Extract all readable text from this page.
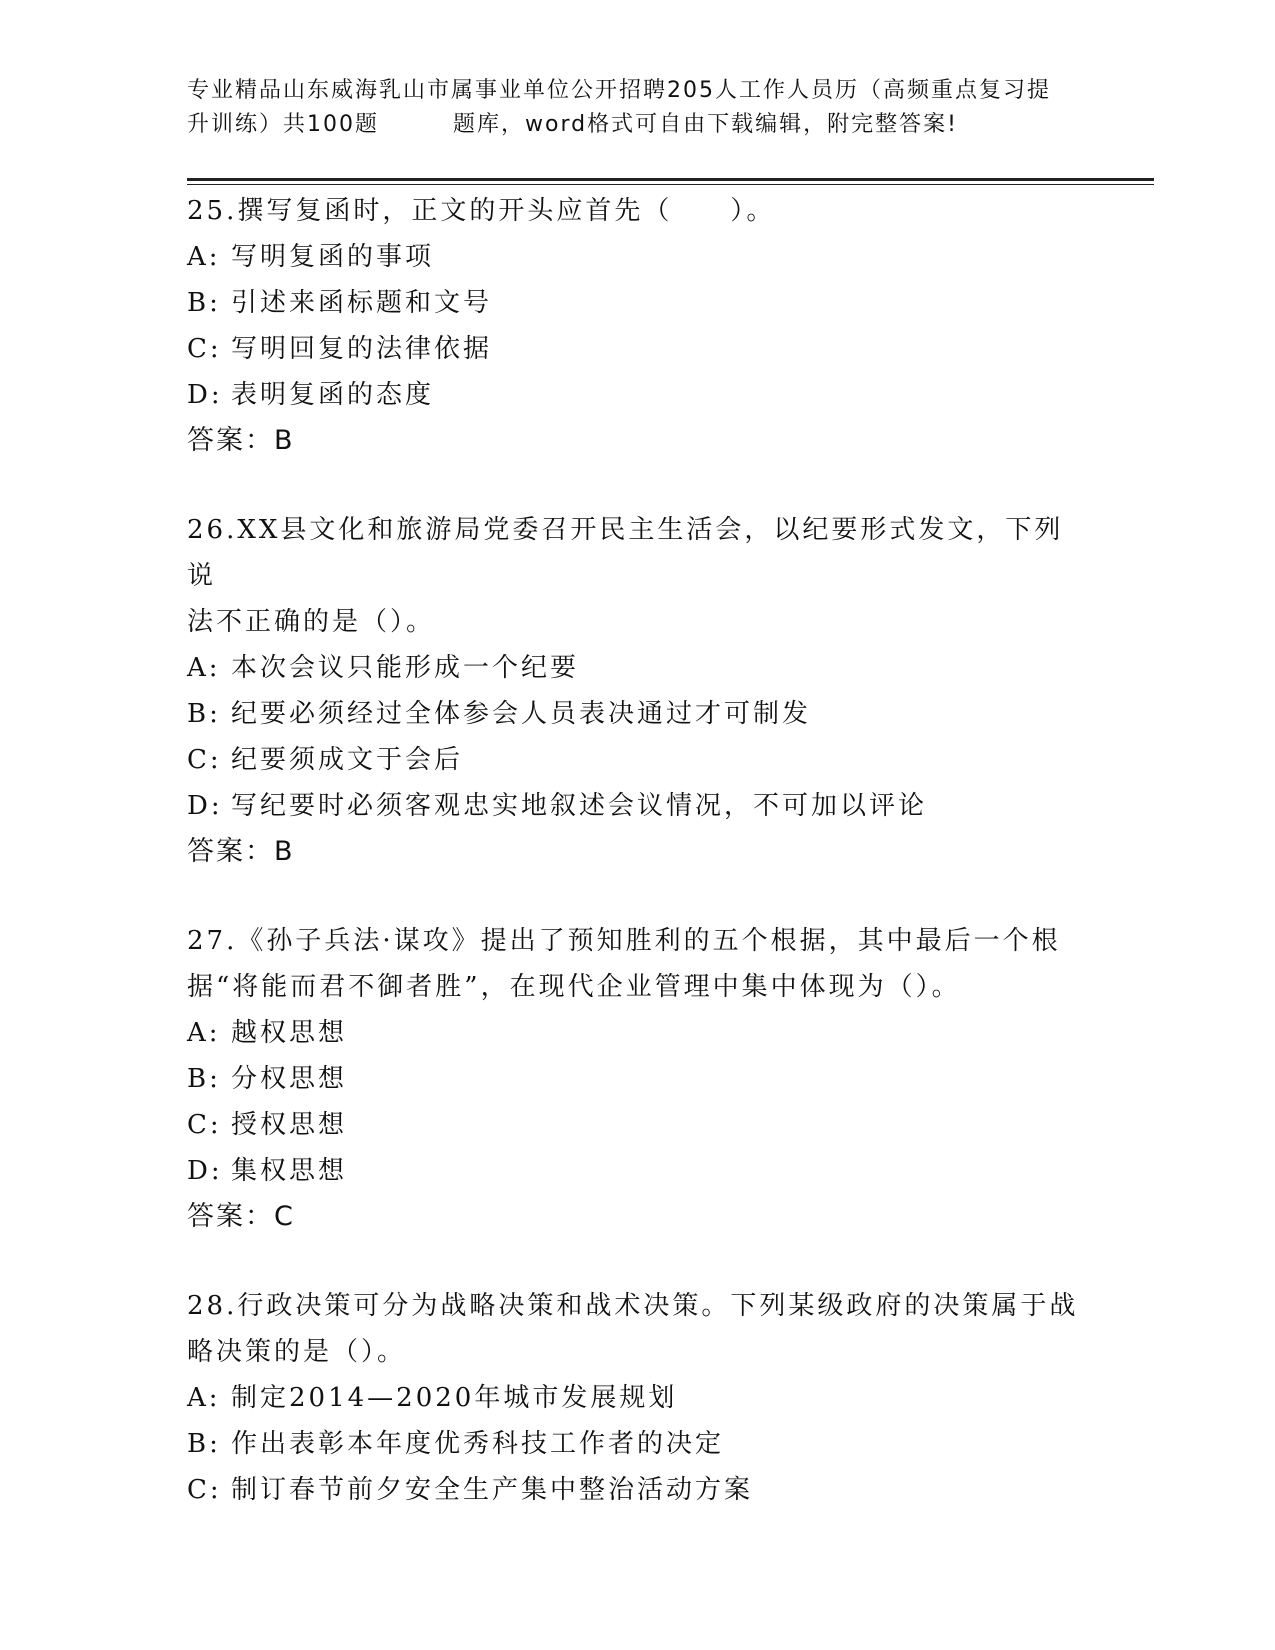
专业精品山东威海乳山市属事业单位公开招聘205人工作人员历（高频重点复习提
升训练）共100题	题库，word格式可自由下载编辑，附完整答案!
25.撰写复函时，正文的开头应首先（　　）。
A: 写明复函的事项
B: 引述来函标题和文号
C: 写明回复的法律依据
D: 表明复函的态度
答案：B
26.XX县文化和旅游局党委召开民主生活会，以纪要形式发文，下列说
法不正确的是（）。
A: 本次会议只能形成一个纪要
B: 纪要必须经过全体参会人员表决通过才可制发
C: 纪要须成文于会后
D: 写纪要时必须客观忠实地叙述会议情况，不可加以评论
答案：B
27.《孙子兵法·谋攻》提出了预知胜利的五个根据，其中最后一个根
据“将能而君不御者胜”，在现代企业管理中集中体现为（）。
A: 越权思想
B: 分权思想
C: 授权思想
D: 集权思想
答案：C
28.行政决策可分为战略决策和战术决策。下列某级政府的决策属于战
略决策的是（）。
A: 制定2014—2020年城市发展规划
B: 作出表彰本年度优秀科技工作者的决定
C: 制订春节前夕安全生产集中整治活动方案
